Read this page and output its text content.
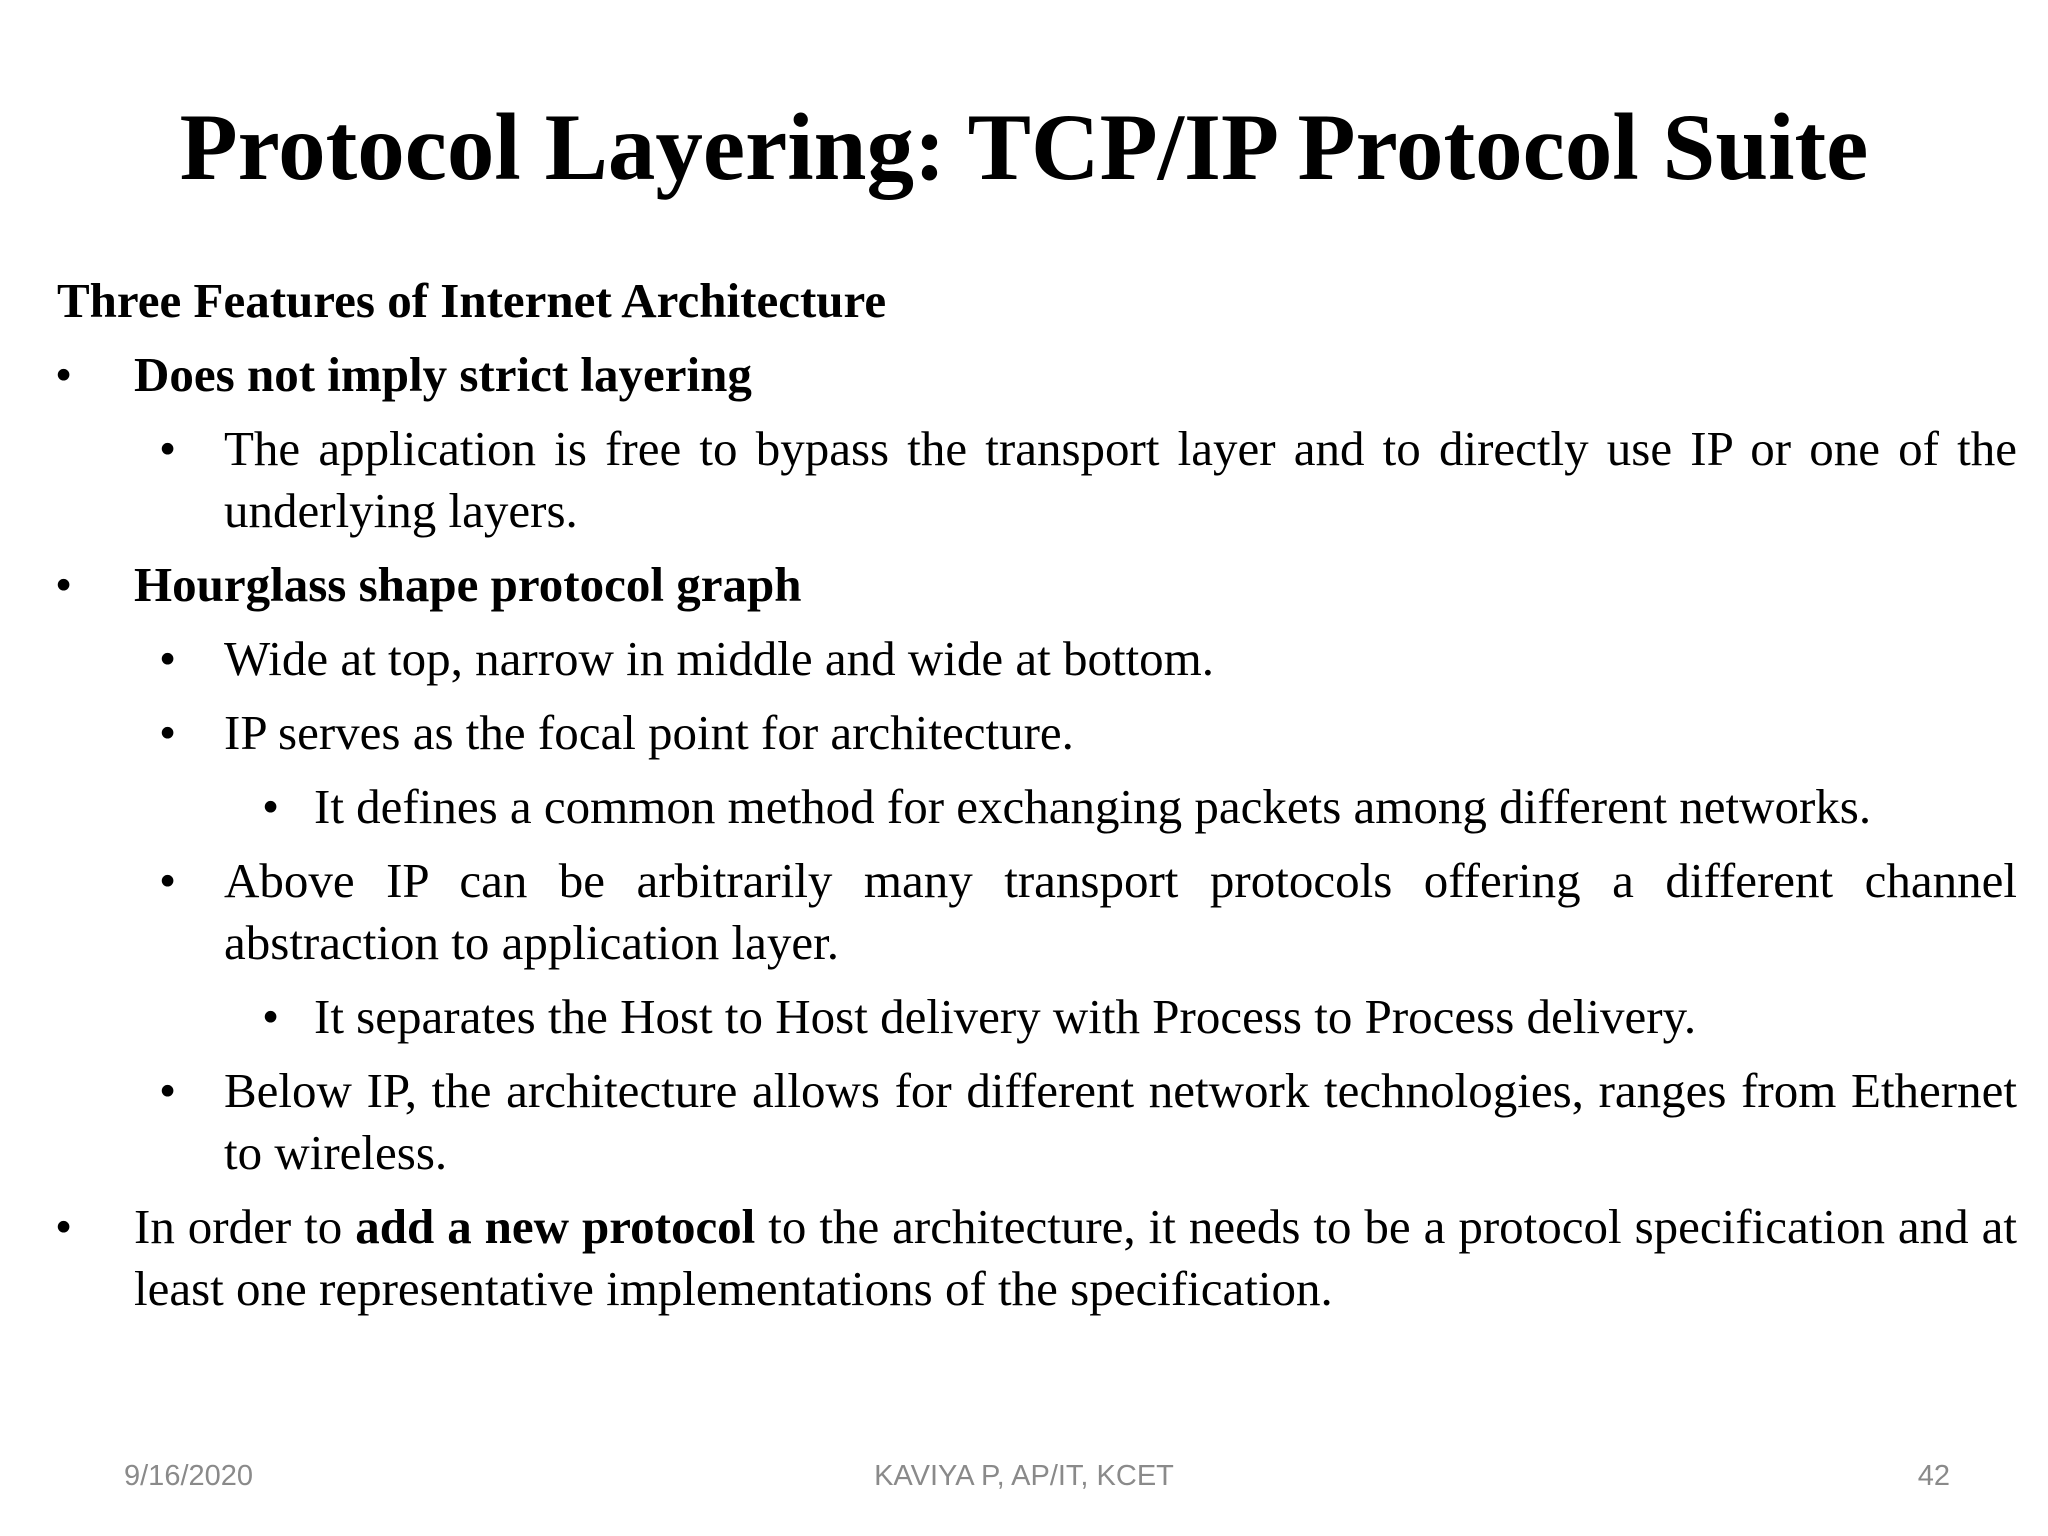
Protocol Layering: TCP/IP Protocol Suite
Three Features of Internet Architecture
• Does not imply strict layering
• The application is free to bypass the transport layer and to directly use IP or one of the underlying layers.
• Hourglass shape protocol graph
• Wide at top, narrow in middle and wide at bottom.
• IP serves as the focal point for architecture.
• It defines a common method for exchanging packets among different networks.
• Above IP can be arbitrarily many transport protocols offering a different channel abstraction to application layer.
• It separates the Host to Host delivery with Process to Process delivery.
• Below IP, the architecture allows for different network technologies, ranges from Ethernet to wireless.
• In order to add a new protocol to the architecture, it needs to be a protocol specification and at least one representative implementations of the specification.
9/16/2020	KAVIYA P, AP/IT, KCET	42
